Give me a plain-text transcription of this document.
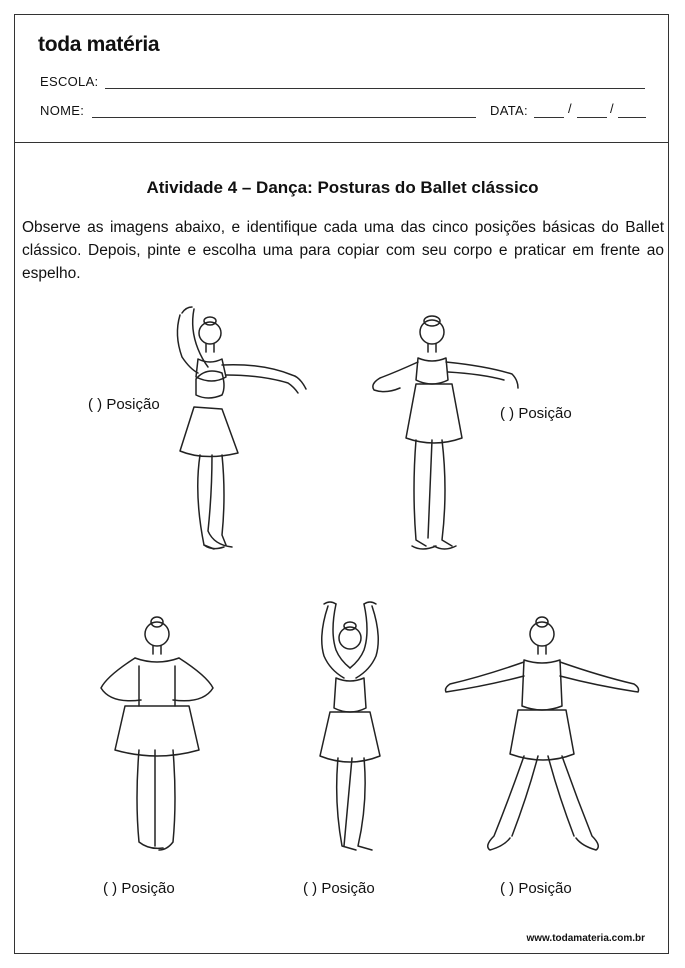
toda matéria
ESCOLA:
NOME:	DATA:	/	/
Atividade 4 – Dança: Posturas do Ballet clássico
Observe as imagens abaixo, e identifique cada uma das cinco posições básicas do Ballet clássico. Depois, pinte e escolha uma para copiar com seu corpo e praticar em frente ao espelho.
( ) Posição
( ) Posição
( ) Posição	( ) Posição	( ) Posição
www.todamateria.com.br
